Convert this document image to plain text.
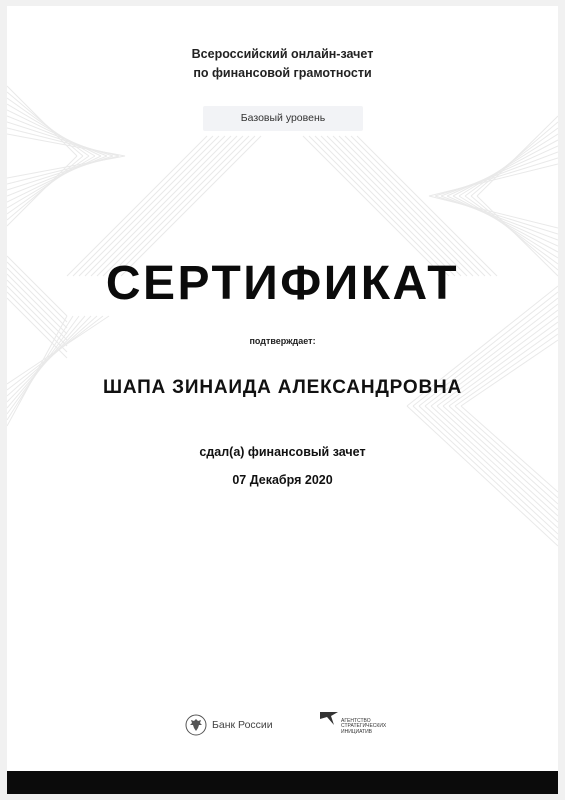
Всероссийский онлайн-зачет
по финансовой грамотности
Базовый уровень
СЕРТИФИКАТ
подтверждает:
ШАПА ЗИНАИДА АЛЕКСАНДРОВНА
сдал(а) финансовый зачет
07 Декабря 2020
Банк России	АГЕНТСТВО
СТРАТЕГИЧЕСКИХ
ИНИЦИАТИВ
